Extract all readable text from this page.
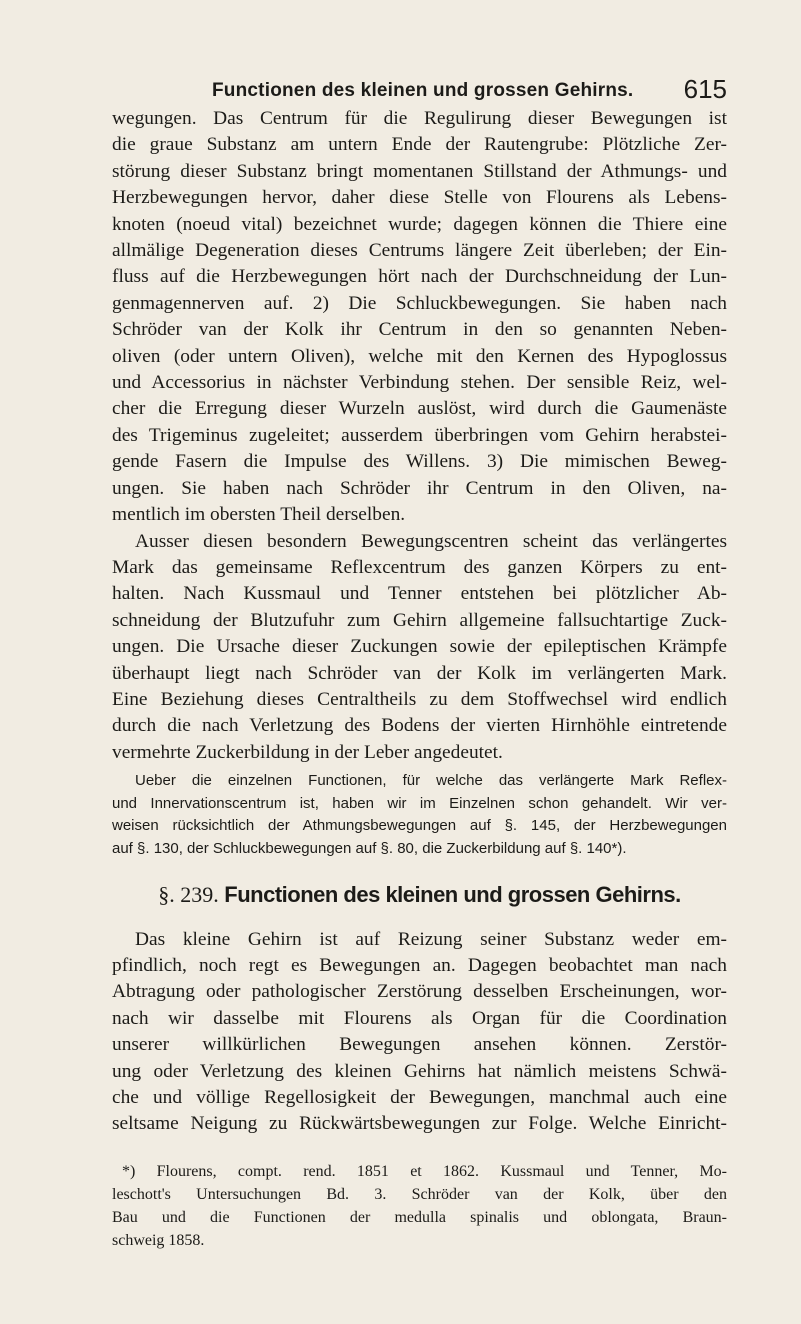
Functionen des kleinen und grossen Gehirns. 615

wegungen. Das Centrum für die Regulirung dieser Bewegungen ist

die graue Substanz am untern Ende der Rautengrube: Plötzliche Zer-

störung dieser Substanz bringt momentanen Stillstand der Athmungs- und

Herzbewegungen hervor, daher diese Stelle von Flourens als Lebens-

knoten (noeud vital) bezeichnet wurde; dagegen können die Thiere eine

allmälige Degeneration dieses Centrums längere Zeit überleben; der Ein-

fluss auf die Herzbewegungen hört nach der Durchschneidung der Lun-

genmagennerven auf. 2) Die Schluckbewegungen. Sie haben nach

Schröder van der Kolk ihr Centrum in den so genannten Neben-

oliven (oder untern Oliven), welche mit den Kernen des Hypoglossus

und Accessorius in nächster Verbindung stehen. Der sensible Reiz, wel-

cher die Erregung dieser Wurzeln auslöst, wird durch die Gaumenäste

des Trigeminus zugeleitet; ausserdem überbringen vom Gehirn herabstei-

gende Fasern die Impulse des Willens. 3) Die mimischen Beweg-

ungen. Sie haben nach Schröder ihr Centrum in den Oliven, na-

mentlich im obersten Theil derselben.

Ausser diesen besondern Bewegungscentren scheint das verlängertes

Mark das gemeinsame Reflexcentrum des ganzen Körpers zu ent-

halten. Nach Kussmaul und Tenner entstehen bei plötzlicher Ab-

schneidung der Blutzufuhr zum Gehirn allgemeine fallsuchtartige Zuck-

ungen. Die Ursache dieser Zuckungen sowie der epileptischen Krämpfe

überhaupt liegt nach Schröder van der Kolk im verlängerten Mark.

Eine Beziehung dieses Centraltheils zu dem Stoffwechsel wird endlich

durch die nach Verletzung des Bodens der vierten Hirnhöhle eintretende

vermehrte Zuckerbildung in der Leber angedeutet.

Ueber die einzelnen Functionen, für welche das verlängerte Mark Reflex-

und Innervationscentrum ist, haben wir im Einzelnen schon gehandelt. Wir ver-

weisen rücksichtlich der Athmungsbewegungen auf §. 145, der Herzbewegungen

auf §. 130, der Schluckbewegungen auf §. 80, die Zuckerbildung auf §. 140*).

§. 239. Functionen des kleinen und grossen Gehirns.

Das kleine Gehirn ist auf Reizung seiner Substanz weder em-

pfindlich, noch regt es Bewegungen an. Dagegen beobachtet man nach

Abtragung oder pathologischer Zerstörung desselben Erscheinungen, wor-

nach wir dasselbe mit Flourens als Organ für die Coordination

unserer willkürlichen Bewegungen ansehen können. Zerstör-

ung oder Verletzung des kleinen Gehirns hat nämlich meistens Schwä-

che und völlige Regellosigkeit der Bewegungen, manchmal auch eine

seltsame Neigung zu Rückwärtsbewegungen zur Folge. Welche Einricht-

*) Flourens, compt. rend. 1851 et 1862. Kussmaul und Tenner, Mo-

leschott's Untersuchungen Bd. 3. Schröder van der Kolk, über den

Bau und die Functionen der medulla spinalis und oblongata, Braun-

schweig 1858.
